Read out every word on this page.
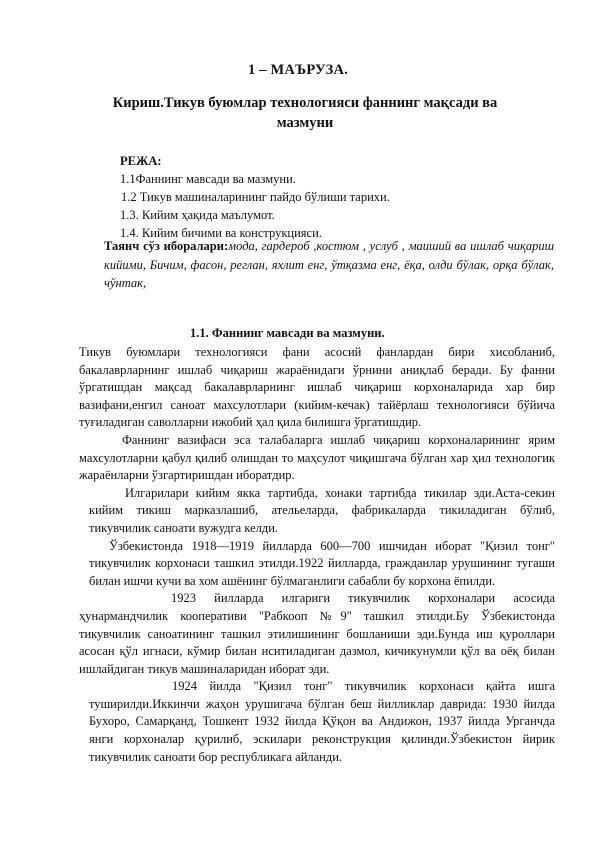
1 – МАЪРУЗА.
Кириш.Тикув буюмлар технологияси фаннинг мақсади ва мазмуни
РЕЖА:
1.1Фаннинг мавсади ва мазмуни.
1.2 Тикув машиналарининг пайдо бўлиши тарихи.
1.3. Кийим ҳақида маълумот.
1.4. Кийим бичими ва конструкцияси.
Таянч сўз иборалари:мода, гардероб ,костюм , услуб , маиший ва ишлаб чиқариш кийими, Бичим, фасон, реглан, яхлит енг, ўтқазма енг, ёқа, олди бўлак, орқа бўлак, чўнтак,
1.1. Фаннинг мавсади ва мазмуни.

Тикув буюмлари технологияси фани асосий фанлардан бири хисобланиб, бакалаврларнинг ишлаб чиқариш жараёнидаги ўрнини аниқлаб беради. Бу фанни ўргатишдан мақсад бакалаврларнинг ишлаб чиқариш корхоналарида хар бир вазифани,енгил саноат махсулотлари (кийим-кечак) тайёрлаш технологияси бўйича туғиладиган саволларни ижобий ҳал қила билишга ўргатишдир.

Фаннинг вазифаси эса талабаларга ишлаб чиқариш корхоналарининг ярим махсулотларни қабул қилиб олишдан то маҳсулот чиқишгача бўлган хар ҳил технологик жараёнларни ўзгартиришдан иборатдир.

Илгарилари кийим якка тартибда, хонаки тартибда тикилар эди.Аста-секин кийим тикиш марказлашиб, ательеларда, фабрикаларда тикиладиган бўлиб, тикувчилик саноати вужудга келди.

Ўзбекистонда 1918—1919 йилларда 600—700 ишчидан иборат "Қизил тонг" тикувчилик корхонаси ташкил этилди.1922 йилларда, гражданлар урушининг тугаши билан ишчи кучи ва хом ашёнинг бўлмаганлиги сабабли бу корхона ёпилди.

1923 йилларда илгариги тикувчилик корхоналари асосида ҳунармандчилик кооперативи "Рабкооп №9" ташкил этилди.Бу Ўзбекистонда тикувчилик саноатининг ташкил этилишининг бошланиши эди.Бунда иш қуроллари асосан қўл игнаси, кўмир билан иситиладиган дазмол, кичикунумли қўл ва оёқ билан ишлайдиган тикув машиналаридан иборат эди.

1924 йилда "Қизил тонг" тикувчилик корхонаси қайта ишга туширилди.Иккинчи жаҳон урушигача бўлган беш йилликлар даврида: 1930 йилда Бухоро, Самарқанд, Тошкент 1932 йилда Қўқон ва Андижон, 1937 йилда Урганчда янги корхоналар қурилиб, эскилари реконструкция қилинди.Ўзбекистон йирик тикувчилик саноати бор республикага айланди.
